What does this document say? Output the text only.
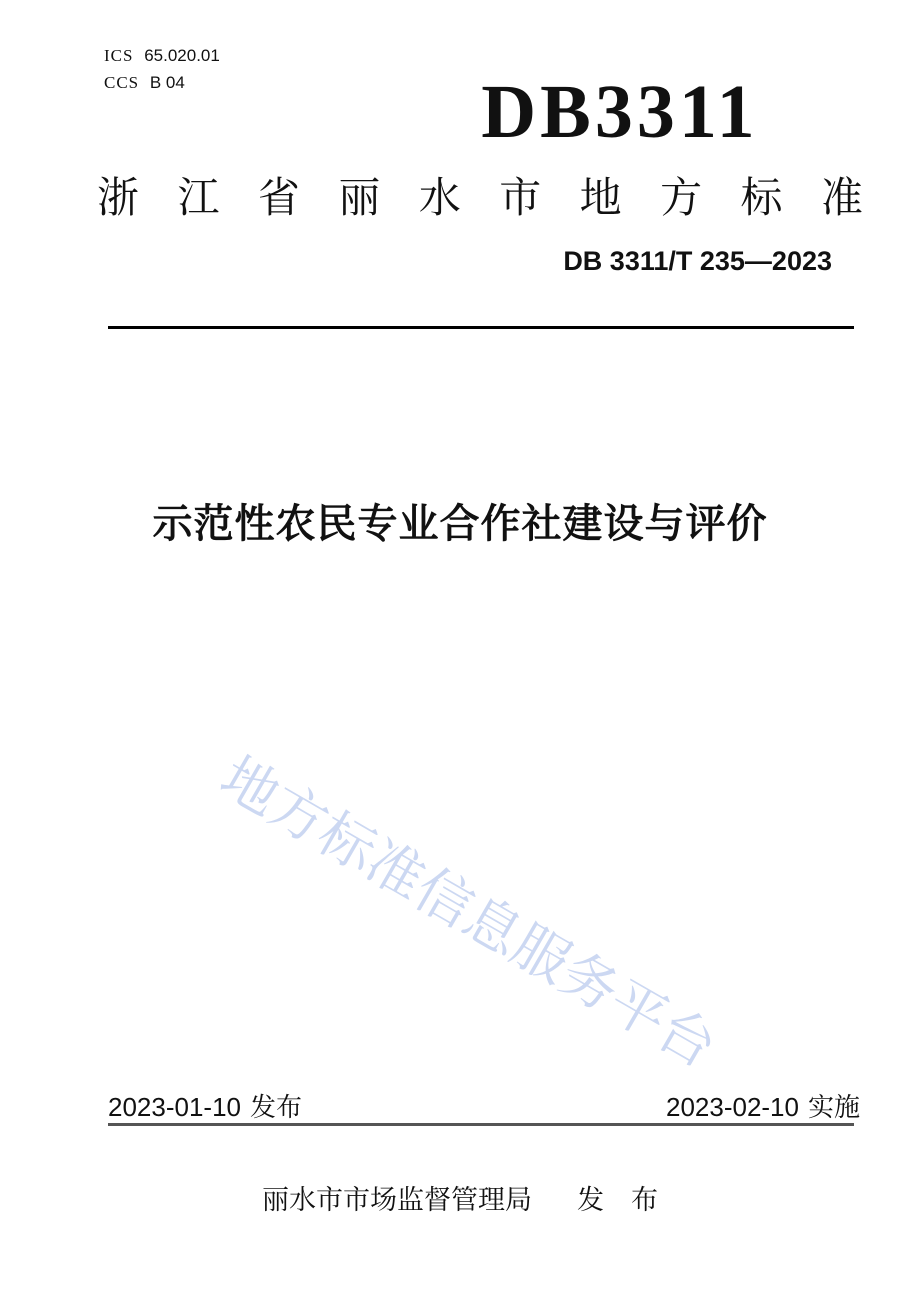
ICS 65.020.01
CCS B 04	DB3311
浙 江 省 丽 水 市 地 方 标 准
DB 3311/T 235—2023
示范性农民专业合作社建设与评价
地方标准信息服务平台
2023-01-10 发布	2023-02-10 实施
丽水市市场监督管理局 发　布
